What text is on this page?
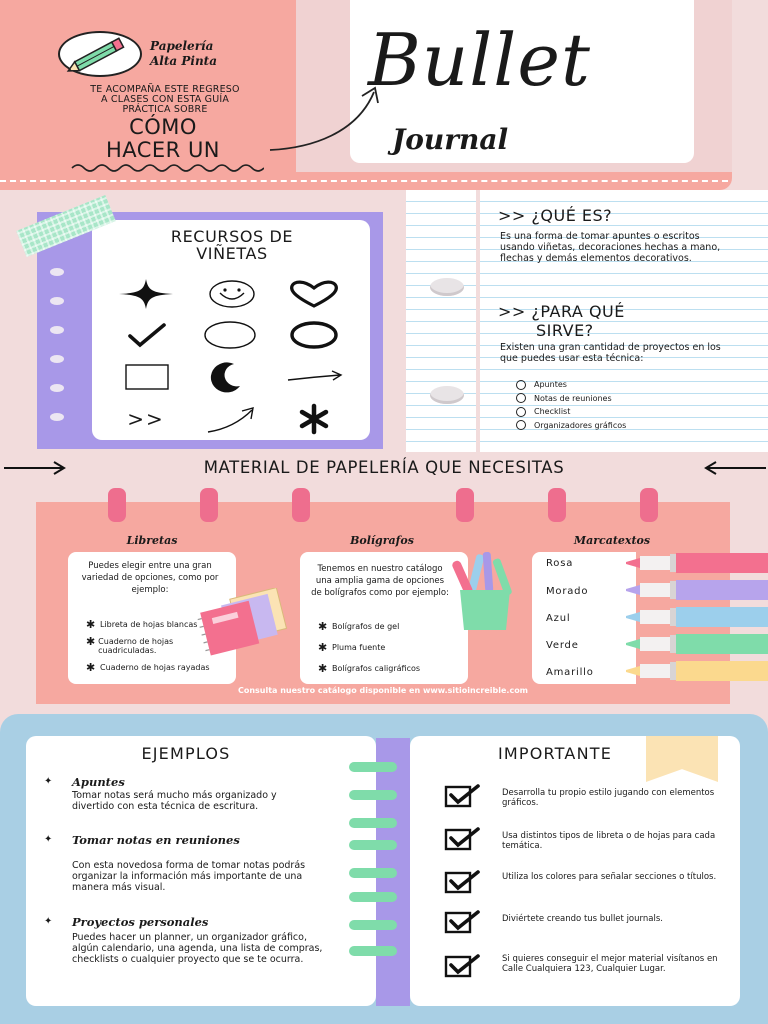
Papelería
Alta Pinta
TE ACOMPAÑA ESTE REGRESO
A CLASES CON ESTA GUÍA
PRÁCTICA SOBRE
CÓMO
HACER UN
Bullet
Journal
>> ¿QUÉ ES?
Es una forma de tomar apuntes o escritos usando viñetas, decoraciones hechas a mano, flechas y demás elementos decorativos.
>> ¿PARA QUÉ
SIRVE?
Existen una gran cantidad de proyectos en los que puedes usar esta técnica:
Apuntes
Notas de reuniones
Checklist
Organizadores gráficos
RECURSOS DE
VIÑETAS
>>
MATERIAL DE PAPELERÍA QUE NECESITAS
Libretas
Puedes elegir entre una gran variedad de opciones, como por ejemplo:
✱ Libreta de hojas blancas
✱ Cuaderno de hojas cuadriculadas.
✱ Cuaderno de hojas rayadas
Bolígrafos
Tenemos en nuestro catálogo una amplia gama de opciones de bolígrafos como por ejemplo:
✱ Bolígrafos de gel
✱ Pluma fuente
✱ Bolígrafos caligráficos
Marcatextos
Rosa
Morado
Azul
Verde
Amarillo
Consulta nuestro catálogo disponible en www.sitioincreible.com
EJEMPLOS	IMPORTANTE
✦ Apuntes
Tomar notas será mucho más organizado y divertido con esta técnica de escritura.
✦ Tomar notas en reuniones
Con esta novedosa forma de tomar notas podrás organizar la información más importante de una manera más visual.
✦ Proyectos personales
Puedes hacer un planner, un organizador gráfico, algún calendario, una agenda, una lista de compras, checklists o cualquier proyecto que se te ocurra.
Desarrolla tu propio estilo jugando con elementos gráficos.
Usa distintos tipos de libreta o de hojas para cada temática.
Utiliza los colores para señalar secciones o títulos.
Diviértete creando tus bullet journals.
Si quieres conseguir el mejor material visítanos en Calle Cualquiera 123, Cualquier Lugar.
